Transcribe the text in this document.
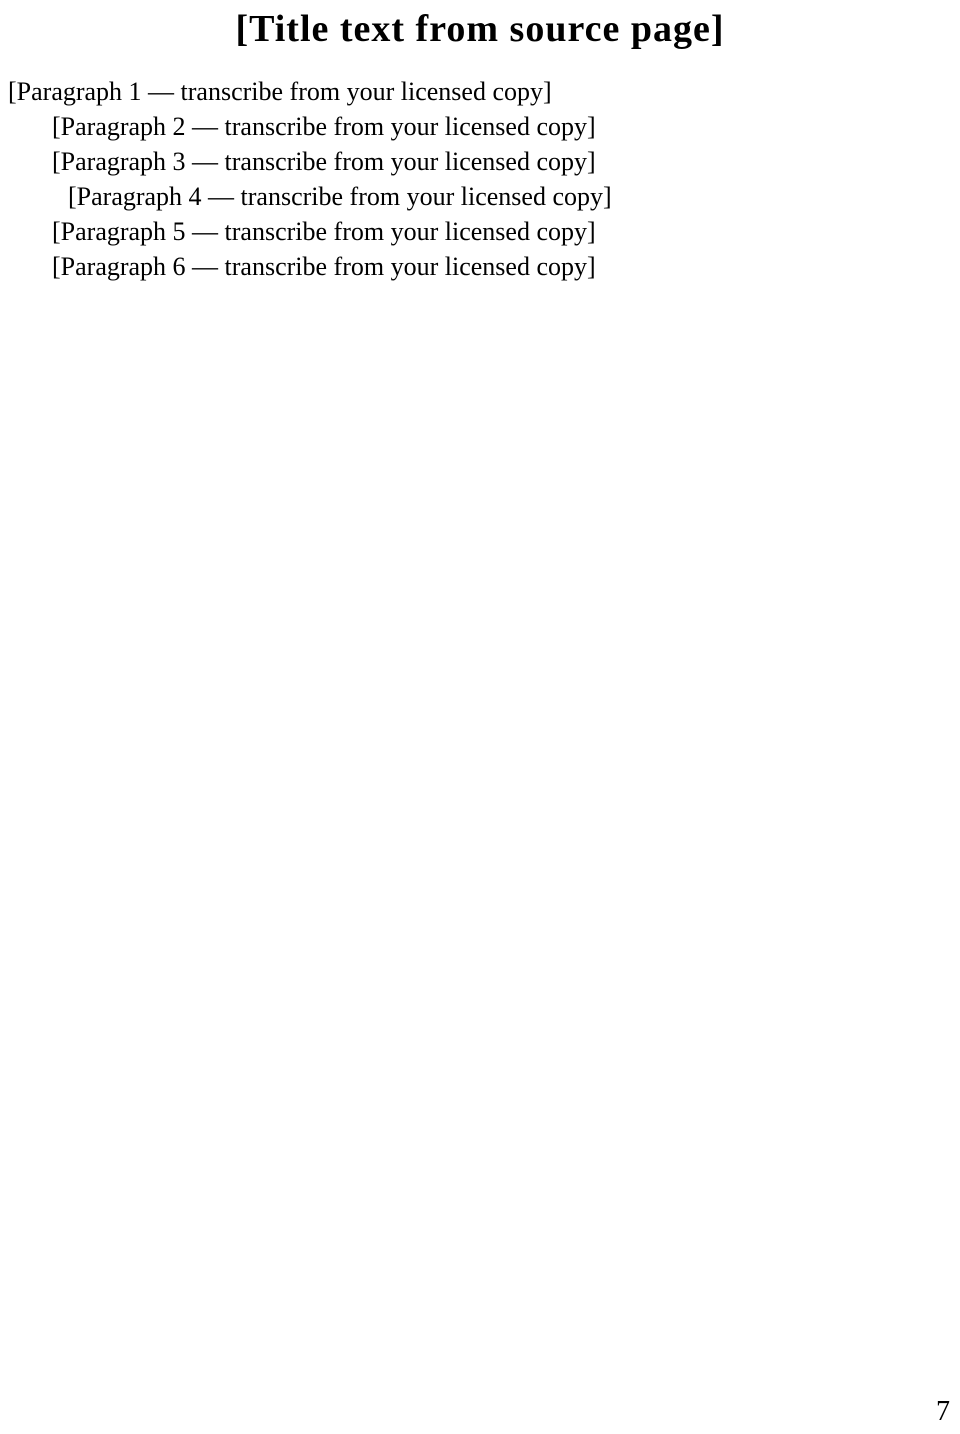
[Title text from source page]

[Paragraph 1 — transcribe from your licensed copy]

[Paragraph 2 — transcribe from your licensed copy]

[Paragraph 3 — transcribe from your licensed copy]

[Paragraph 4 — transcribe from your licensed copy]

[Paragraph 5 — transcribe from your licensed copy]

[Paragraph 6 — transcribe from your licensed copy]

7
